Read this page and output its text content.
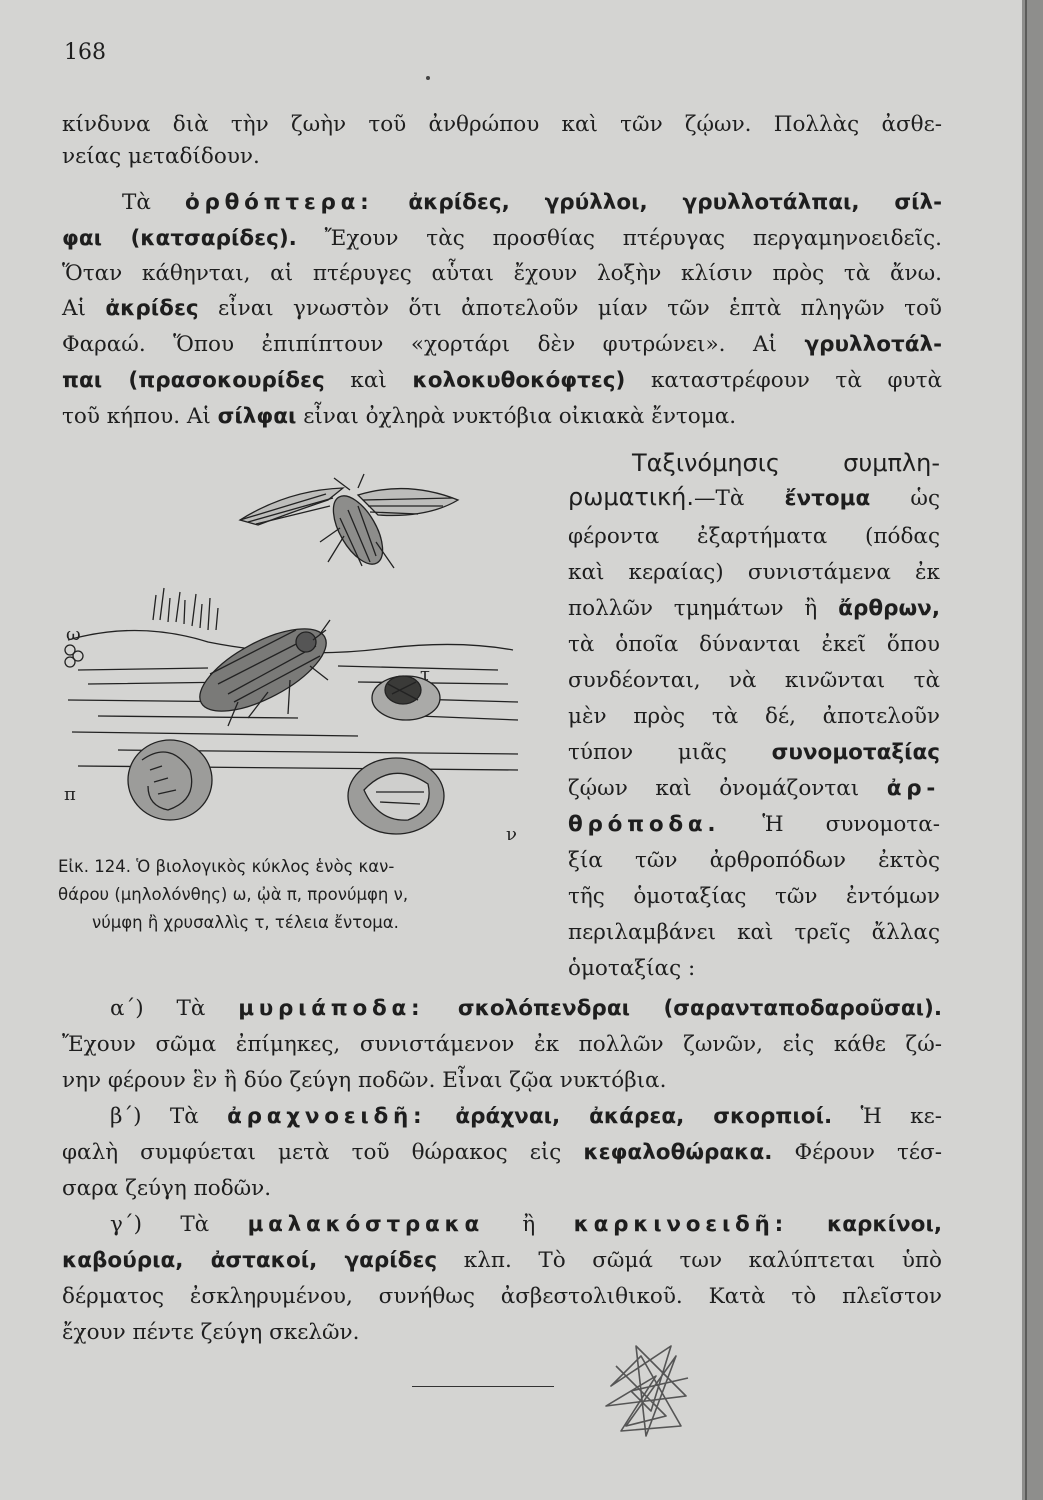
168
κίνδυνα διὰ τὴν ζωὴν τοῦ ἀνθρώπου καὶ τῶν ζῴων. Πολλὰς ἀσθε-
νείας μεταδίδουν.
Τὰ ὀρθόπτερα: ἀκρίδες, γρύλλοι, γρυλλοτάλπαι, σίλ-
φαι (κατσαρίδες). Ἔχουν τὰς προσθίας πτέρυγας περγαμηνοειδεῖς.
Ὅταν κάθηνται, αἱ πτέρυγες αὗται ἔχουν λοξὴν κλίσιν πρὸς τὰ ἄνω.
Αἱ ἀκρίδες εἶναι γνωστὸν ὅτι ἀποτελοῦν μίαν τῶν ἑπτὰ πληγῶν τοῦ
Φαραώ. Ὅπου ἐπιπίπτουν «χορτάρι δὲν φυτρώνει». Αἱ γρυλλοτάλ-
παι (πρασοκουρίδες καὶ κολοκυθοκόφτες) καταστρέφουν τὰ φυτὰ
τοῦ κήπου. Αἱ σίλφαι εἶναι ὀχληρὰ νυκτόβια οἰκιακὰ ἔντομα.
Ταξινόμησις συμπλη-
ρωματική.—Τὰ ἔντομα ὡς
φέροντα ἐξαρτήματα (πόδας
καὶ κεραίας) συνιστάμενα ἐκ
πολλῶν τμημάτων ἢ ἄρθρων,
τὰ ὁποῖα δύνανται ἐκεῖ ὅπου
συνδέονται, νὰ κινῶνται τὰ
μὲν πρὸς τὰ δέ, ἀποτελοῦν
τύπον μιᾶς συνομοταξίας
ζῴων καὶ ὀνομάζονται ἀρ-
θρόποδα. Ἡ συνομοτα-
ξία τῶν ἀρθροπόδων ἐκτὸς
τῆς ὁμοταξίας τῶν ἐντόμων
περιλαμβάνει καὶ τρεῖς ἄλλας
ὁμοταξίας :
ω
π
ν
τ
Εἰκ. 124. Ὁ βιολογικὸς κύκλος ἑνὸς καν-
θάρου (μηλολόνθης) ω, ᾠὰ π, προνύμφη ν,
νύμφη ἢ χρυσαλλὶς τ, τέλεια ἔντομα.
α΄) Τὰ μυριάποδα: σκολόπενδραι (σαρανταποδαροῦσαι).
Ἔχουν σῶμα ἐπίμηκες, συνιστάμενον ἐκ πολλῶν ζωνῶν, εἰς κάθε ζώ-
νην φέρουν ἓν ἢ δύο ζεύγη ποδῶν. Εἶναι ζῷα νυκτόβια.
β΄) Τὰ ἀραχνοειδῆ: ἀράχναι, ἀκάρεα, σκορπιοί. Ἡ κε-
φαλὴ συμφύεται μετὰ τοῦ θώρακος εἰς κεφαλοθώρακα. Φέρουν τέσ-
σαρα ζεύγη ποδῶν.
γ΄) Τὰ μαλακόστρακα ἢ καρκινοειδῆ: καρκίνοι,
καβούρια, ἀστακοί, γαρίδες κλπ. Τὸ σῶμά των καλύπτεται ὑπὸ
δέρματος ἐσκληρυμένου, συνήθως ἀσβεστολιθικοῦ. Κατὰ τὸ πλεῖστον
ἔχουν πέντε ζεύγη σκελῶν.
